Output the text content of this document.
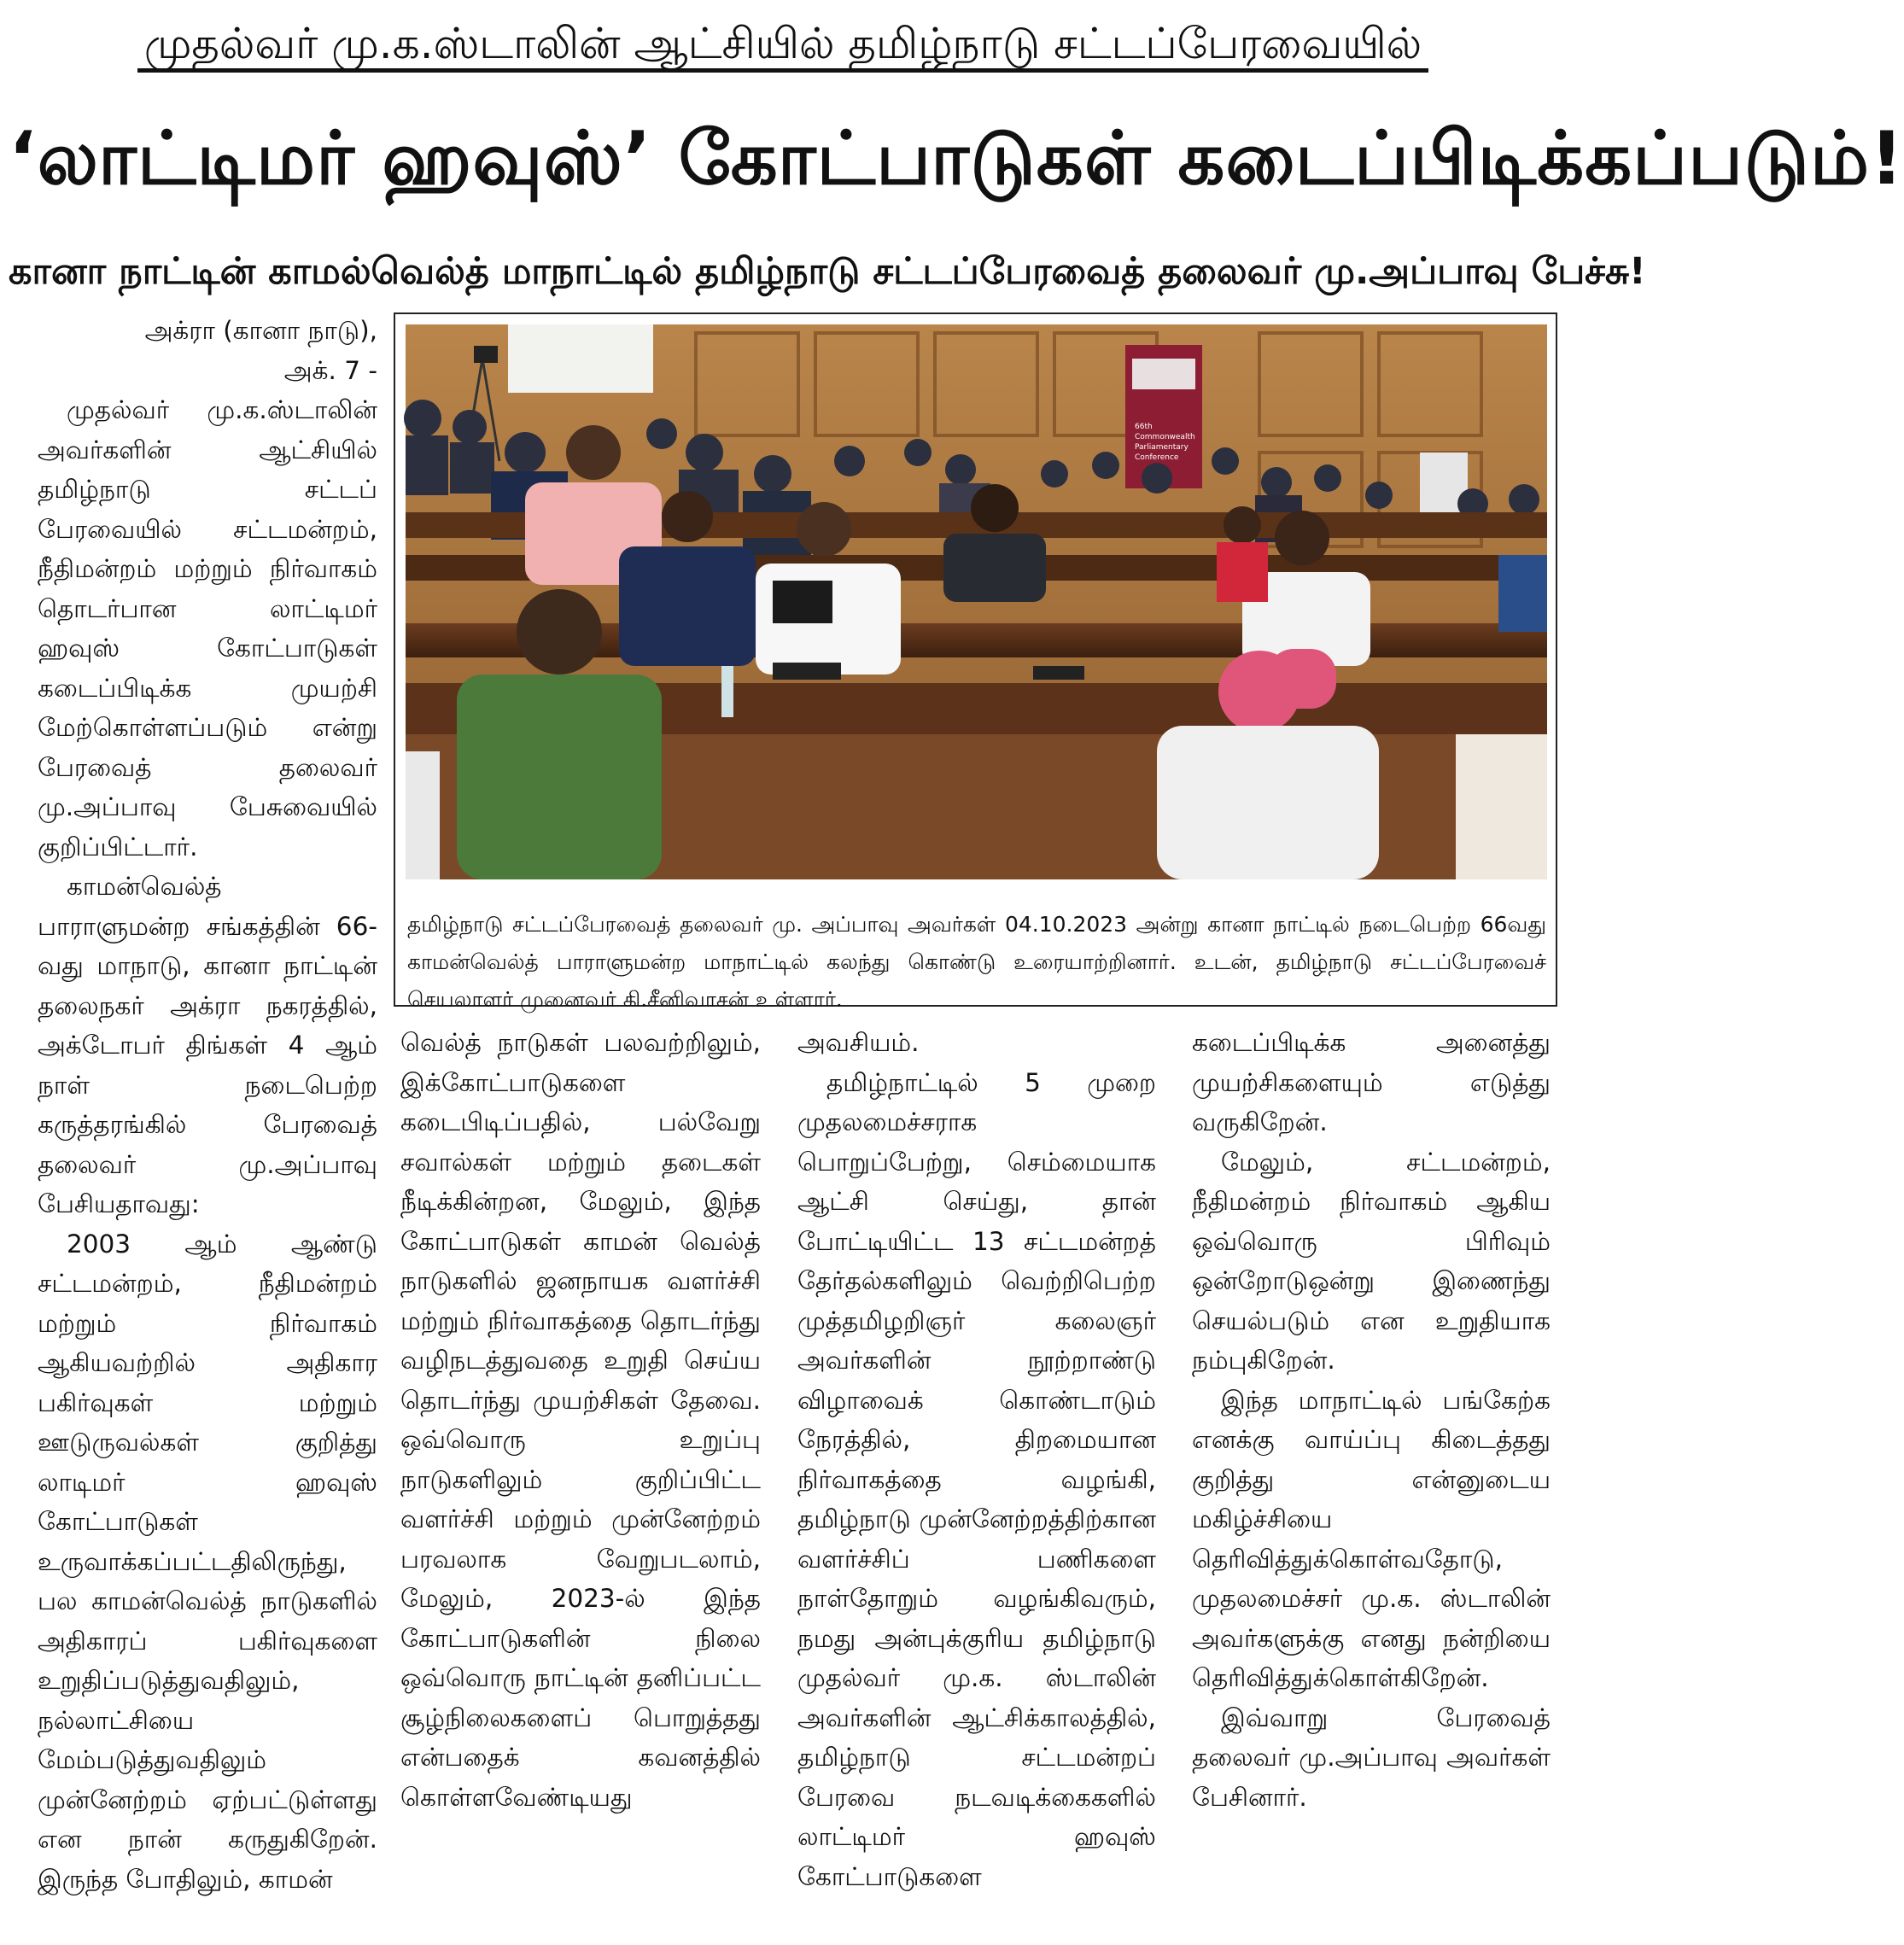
முதல்வர் மு.க.ஸ்டாலின் ஆட்சியில் தமிழ்நாடு சட்டப்பேரவையில்
‘லாட்டிமர் ஹவுஸ்’ கோட்பாடுகள் கடைப்பிடிக்கப்படும்!
கானா நாட்டின் காமல்வெல்த் மாநாட்டில் தமிழ்நாடு சட்டப்பேரவைத் தலைவர் மு.அப்பாவு பேச்சு!

அக்ரா (கானா நாடு),

அக். 7 -

முதல்வர் மு.க.ஸ்டாலின் அவர்களின் ஆட்சியில் தமிழ்நாடு சட்டப் பேரவையில் சட்டமன்றம், நீதிமன்றம் மற்றும் நிர்வாகம் தொடர்பான லாட்டிமர் ஹவுஸ் கோட்பாடுகள் கடைப்பிடிக்க முயற்சி மேற்கொள்ளப்படும் என்று பேரவைத் தலைவர் மு.அப்பாவு பேசுவையில் குறிப்பிட்டார்.

காமன்வெல்த் பாராளுமன்ற சங்கத்தின் 66-வது மாநாடு, கானா நாட்டின் தலைநகர் அக்ரா நகரத்தில், அக்டோபர் திங்கள் 4 ஆம் நாள் நடைபெற்ற கருத்தரங்கில் பேரவைத் தலைவர் மு.அப்பாவு பேசியதாவது:

2003 ஆம் ஆண்டு சட்டமன்றம், நீதிமன்றம் மற்றும் நிர்வாகம் ஆகியவற்றில் அதிகார பகிர்வுகள் மற்றும் ஊடுருவல்கள் குறித்து லாடிமர் ஹவுஸ் கோட்பாடுகள் உருவாக்கப்பட்டதிலிருந்து, பல காமன்வெல்த் நாடுகளில் அதிகாரப் பகிர்வுகளை உறுதிப்படுத்துவதிலும், நல்லாட்சியை மேம்படுத்துவதிலும் முன்னேற்றம் ஏற்பட்டுள்ளது என நான் கருதுகிறேன். இருந்த போதிலும், காமன்

66th
Commonwealth
Parliamentary
Conference

தமிழ்நாடு சட்டப்பேரவைத் தலைவர் மு. அப்பாவு அவர்கள் 04.10.2023 அன்று கானா நாட்டில் நடைபெற்ற 66வது காமன்வெல்த் பாராளுமன்ற மாநாட்டில் கலந்து கொண்டு உரையாற்றினார். உடன், தமிழ்நாடு சட்டப்பேரவைச் செயலாளர் முனைவர் கி.சீனிவாசன் உள்ளார்.

வெல்த் நாடுகள் பலவற்றிலும், இக்கோட்பாடுகளை கடைபிடிப்பதில், பல்வேறு சவால்கள் மற்றும் தடைகள் நீடிக்கின்றன, மேலும், இந்த கோட்பாடுகள் காமன் வெல்த் நாடுகளில் ஜனநாயக வளர்ச்சி மற்றும் நிர்வாகத்தை தொடர்ந்து வழிநடத்துவதை உறுதி செய்ய தொடர்ந்து முயற்சிகள் தேவை. ஒவ்வொரு உறுப்பு நாடுகளிலும் குறிப்பிட்ட வளர்ச்சி மற்றும் முன்னேற்றம் பரவலாக வேறுபடலாம், மேலும், 2023-ல் இந்த கோட்பாடுகளின் நிலை ஒவ்வொரு நாட்டின் தனிப்பட்ட சூழ்நிலைகளைப் பொறுத்தது என்பதைக் கவனத்தில் கொள்ளவேண்டியது

அவசியம்.

தமிழ்நாட்டில் 5 முறை முதலமைச்சராக பொறுப்பேற்று, செம்மையாக ஆட்சி செய்து, தான் போட்டியிட்ட 13 சட்டமன்றத் தேர்தல்களிலும் வெற்றிபெற்ற முத்தமிழறிஞர் கலைஞர் அவர்களின் நூற்றாண்டு விழாவைக் கொண்டாடும் நேரத்தில், திறமையான நிர்வாகத்தை வழங்கி, தமிழ்நாடு முன்னேற்றத்திற்கான வளர்ச்சிப் பணிகளை நாள்தோறும் வழங்கிவரும், நமது அன்புக்குரிய தமிழ்நாடு முதல்வர் மு.க. ஸ்டாலின் அவர்களின் ஆட்சிக்காலத்தில், தமிழ்நாடு சட்டமன்றப் பேரவை நடவடிக்கைகளில் லாட்டிமர் ஹவுஸ் கோட்பாடுகளை

கடைப்பிடிக்க அனைத்து முயற்சிகளையும் எடுத்து வருகிறேன்.

மேலும், சட்டமன்றம், நீதிமன்றம் நிர்வாகம் ஆகிய ஒவ்வொரு பிரிவும் ஒன்றோடுஒன்று இணைந்து செயல்படும் என உறுதியாக நம்புகிறேன்.

இந்த மாநாட்டில் பங்கேற்க எனக்கு வாய்ப்பு கிடைத்தது குறித்து என்னுடைய மகிழ்ச்சியை தெரிவித்துக்கொள்வதோடு, முதலமைச்சர் மு.க. ஸ்டாலின் அவர்களுக்கு எனது நன்றியை தெரிவித்துக்கொள்கிறேன்.

இவ்வாறு பேரவைத் தலைவர் மு.அப்பாவு அவர்கள் பேசினார்.
